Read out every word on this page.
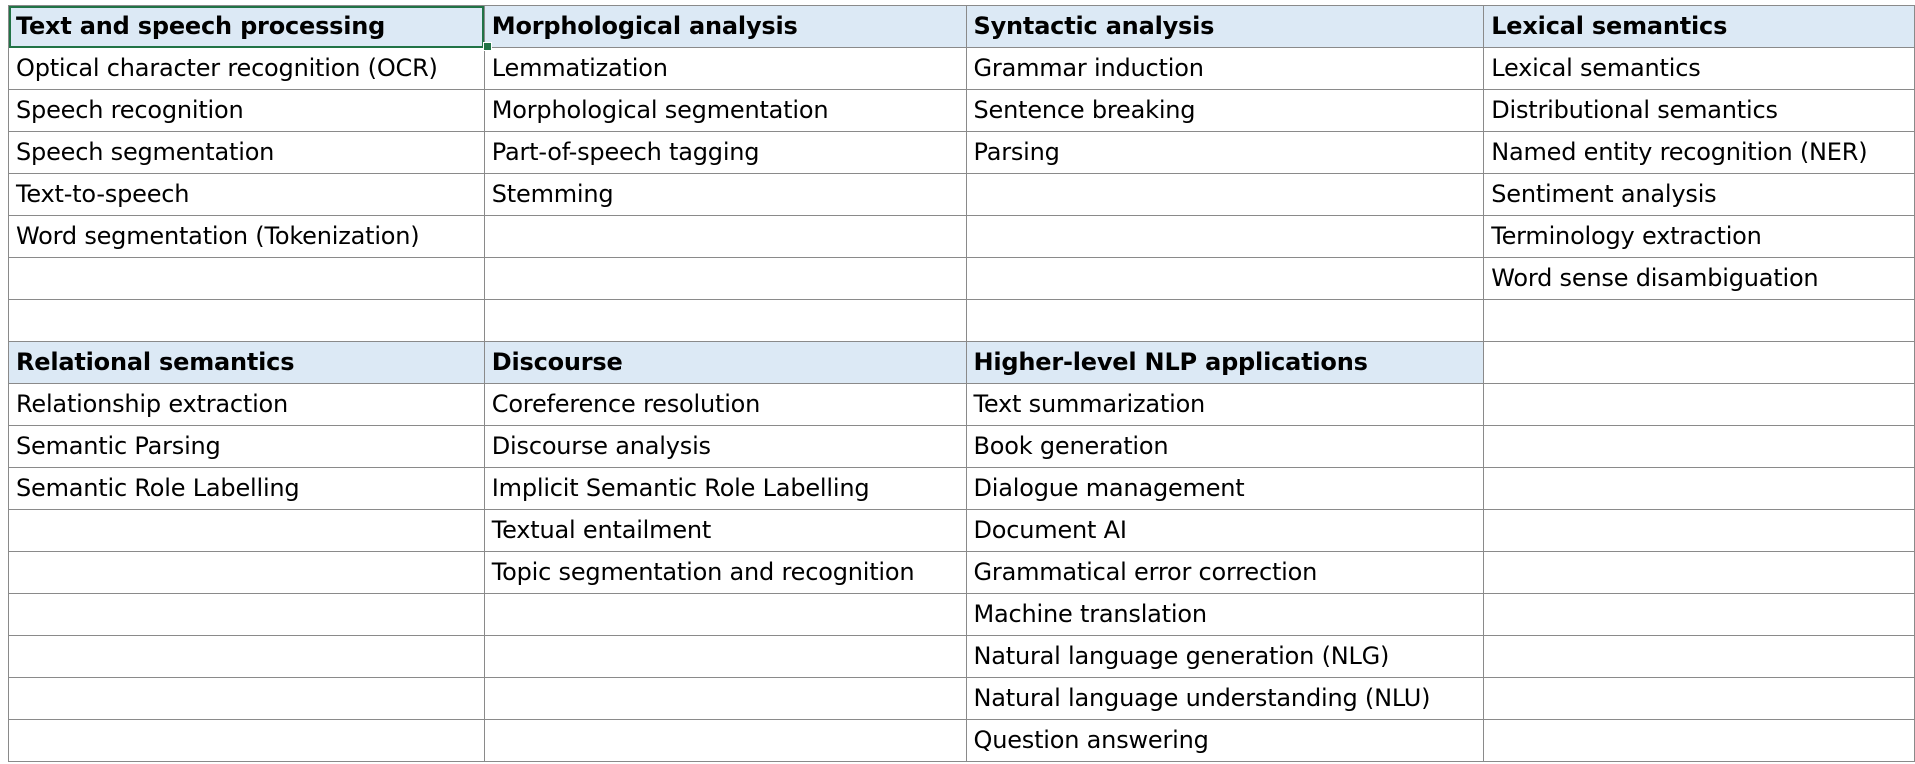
Text and speech processing	Morphological analysis	Syntactic analysis	Lexical semantics
Optical character recognition (OCR)	Lemmatization	Grammar induction	Lexical semantics
Speech recognition	Morphological segmentation	Sentence breaking	Distributional semantics
Speech segmentation	Part-of-speech tagging	Parsing	Named entity recognition (NER)
Text-to-speech	Stemming		Sentiment analysis
Word segmentation (Tokenization)			Terminology extraction
			Word sense disambiguation

Relational semantics	Discourse	Higher-level NLP applications	
Relationship extraction	Coreference resolution	Text summarization	
Semantic Parsing	Discourse analysis	Book generation	
Semantic Role Labelling	Implicit Semantic Role Labelling	Dialogue management	
	Textual entailment	Document AI	
	Topic segmentation and recognition	Grammatical error correction	
		Machine translation	
		Natural language generation (NLG)	
		Natural language understanding (NLU)	
		Question answering	
